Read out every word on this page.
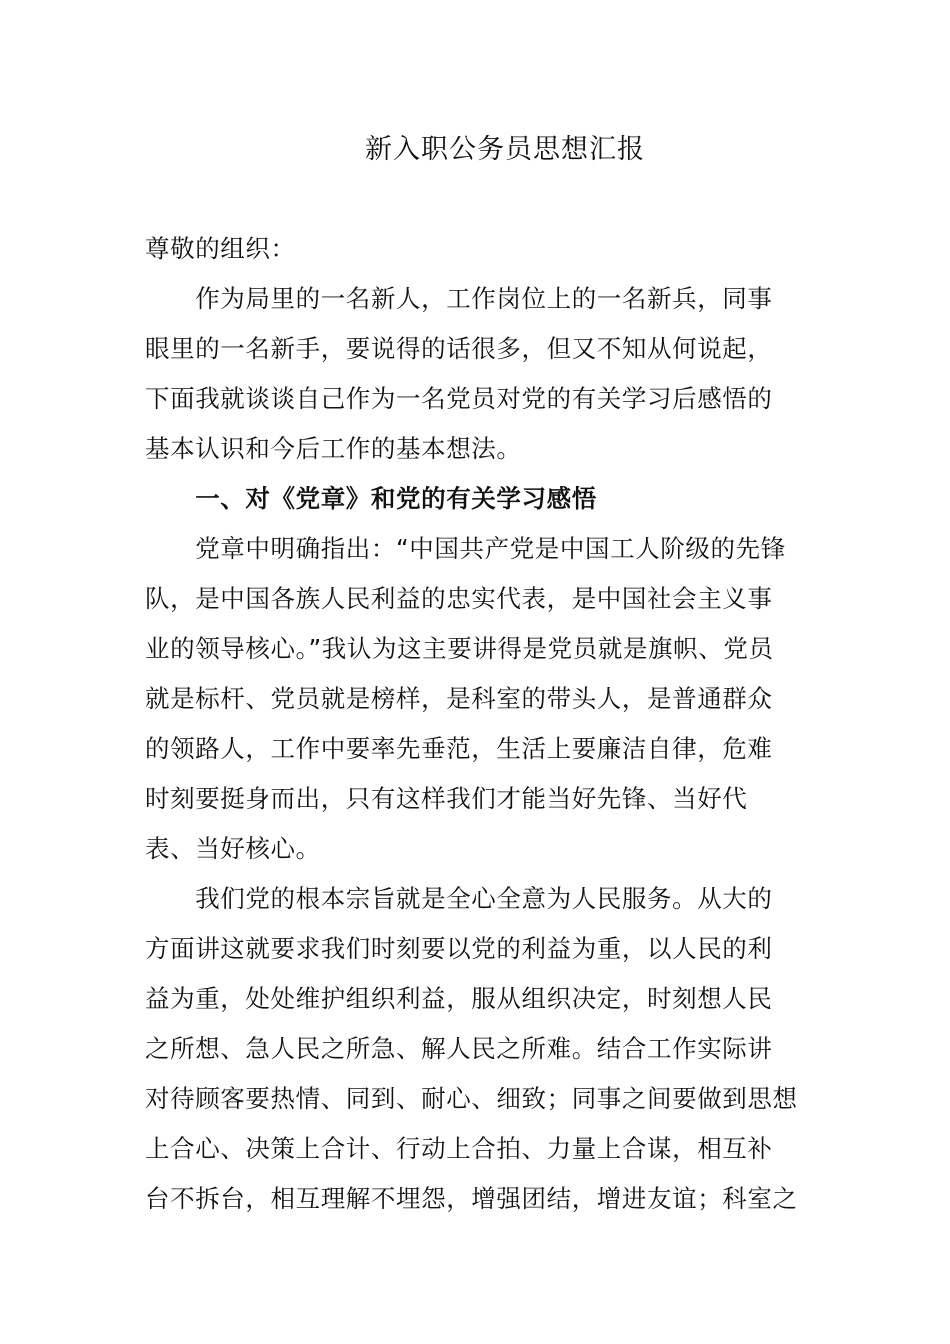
新入职公务员思想汇报
尊敬的组织：
　　作为局里的一名新人，工作岗位上的一名新兵，同事
眼里的一名新手，要说得的话很多，但又不知从何说起，
下面我就谈谈自己作为一名党员对党的有关学习后感悟的
基本认识和今后工作的基本想法。
　　一、对《党章》和党的有关学习感悟
　　党章中明确指出：“中国共产党是中国工人阶级的先锋
队，是中国各族人民利益的忠实代表，是中国社会主义事
业的领导核心。”我认为这主要讲得是党员就是旗帜、党员
就是标杆、党员就是榜样，是科室的带头人，是普通群众
的领路人，工作中要率先垂范，生活上要廉洁自律，危难
时刻要挺身而出，只有这样我们才能当好先锋、当好代
表、当好核心。
　　我们党的根本宗旨就是全心全意为人民服务。从大的
方面讲这就要求我们时刻要以党的利益为重，以人民的利
益为重，处处维护组织利益，服从组织决定，时刻想人民
之所想、急人民之所急、解人民之所难。结合工作实际讲
对待顾客要热情、同到、耐心、细致；同事之间要做到思想
上合心、决策上合计、行动上合拍、力量上合谋，相互补
台不拆台，相互理解不埋怨，增强团结，增进友谊；科室之
